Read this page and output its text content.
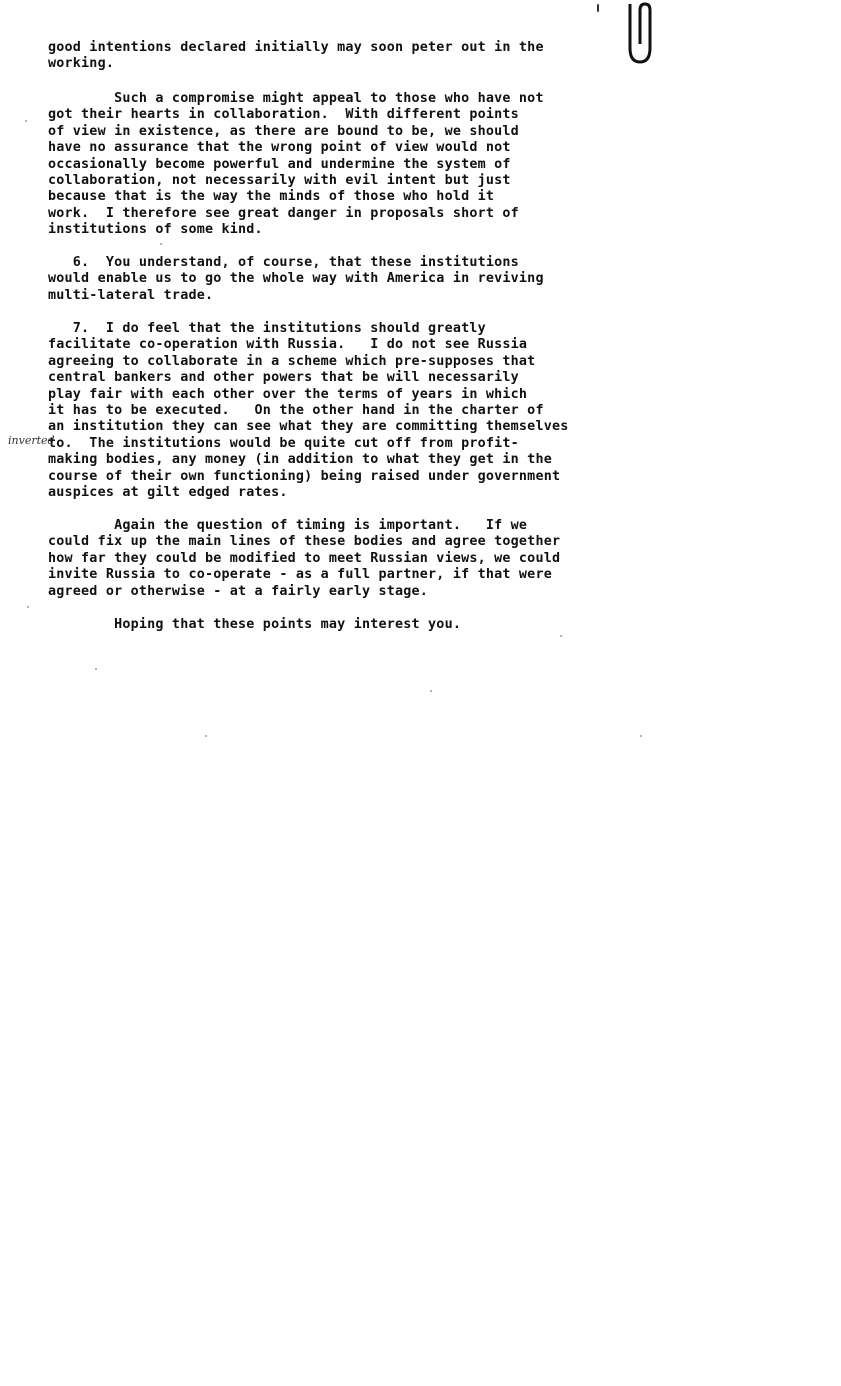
good intentions declared initially may soon peter out in the
working.

Such a compromise might appeal to those who have not
got their hearts in collaboration.  With different points
of view in existence, as there are bound to be, we should
have no assurance that the wrong point of view would not
occasionally become powerful and undermine the system of
collaboration, not necessarily with evil intent but just
because that is the way the minds of those who hold it
work.  I therefore see great danger in proposals short of
institutions of some kind.

6.  You understand, of course, that these institutions
would enable us to go the whole way with America in reviving
multi-lateral trade.

7.  I do feel that the institutions should greatly
facilitate co-operation with Russia.   I do not see Russia
agreeing to collaborate in a scheme which pre-supposes that
central bankers and other powers that be will necessarily
play fair with each other over the terms of years in which
it has to be executed.   On the other hand in the charter of
an institution they can see what they are committing themselves
to.  The institutions would be quite cut off from profit-
making bodies, any money (in addition to what they get in the
course of their own functioning) being raised under government
auspices at gilt edged rates.

Again the question of timing is important.   If we
could fix up the main lines of these bodies and agree together
how far they could be modified to meet Russian views, we could
invite Russia to co-operate - as a full partner, if that were
agreed or otherwise - at a fairly early stage.

Hoping that these points may interest you.

inverted
